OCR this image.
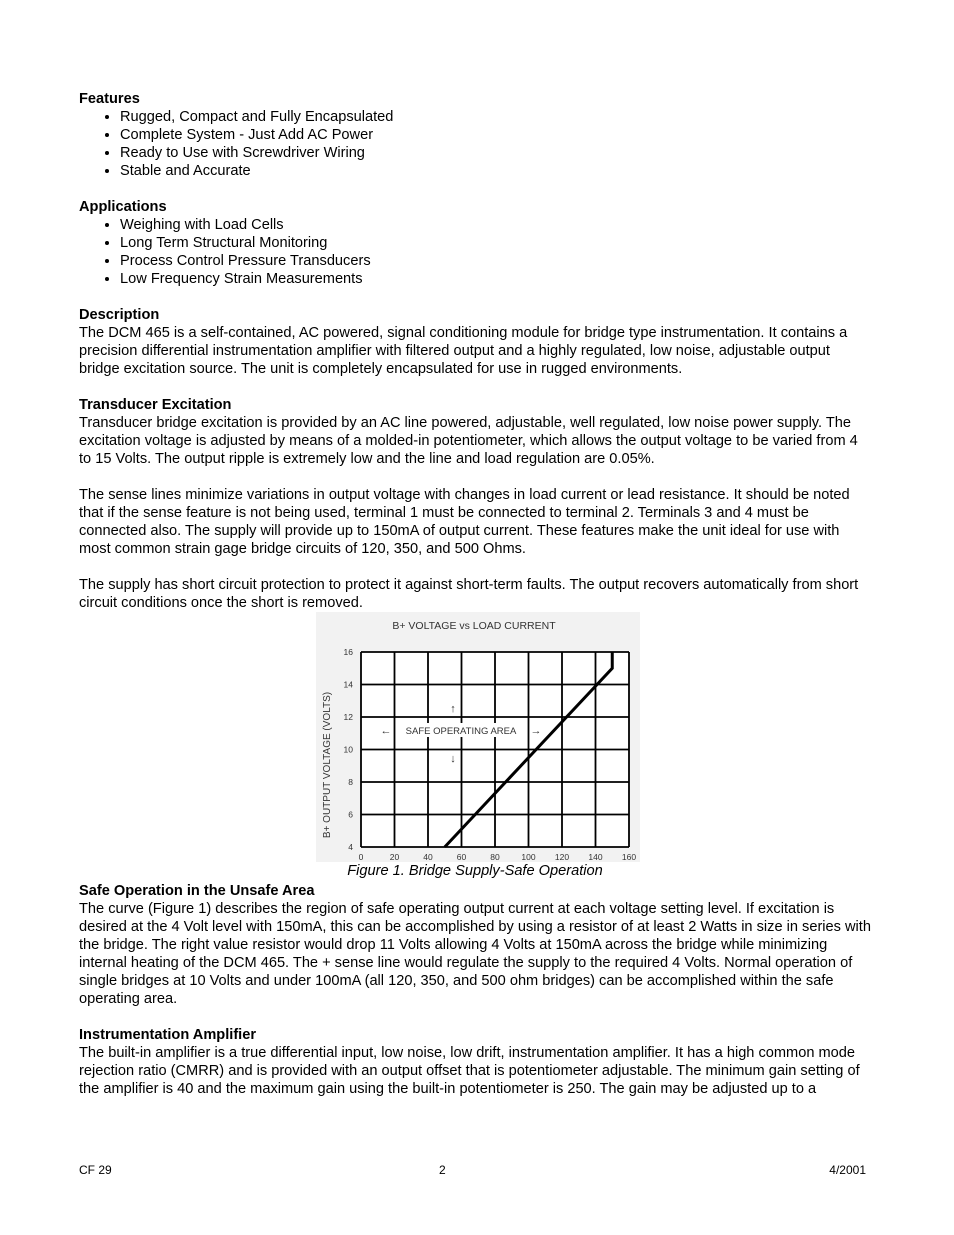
Features
• Rugged, Compact and Fully Encapsulated
• Complete System - Just Add AC Power
• Ready to Use with Screwdriver Wiring
• Stable and Accurate
Applications
• Weighing with Load Cells
• Long Term Structural Monitoring
• Process Control Pressure Transducers
• Low Frequency Strain Measurements
Description

The DCM 465 is a self-contained, AC powered, signal conditioning module for bridge type instrumentation. It contains a precision differential instrumentation amplifier with filtered output and a highly regulated, low noise, adjustable output bridge excitation source. The unit is completely encapsulated for use in rugged environments.

Transducer Excitation

Transducer bridge excitation is provided by an AC line powered, adjustable, well regulated, low noise power supply. The excitation voltage is adjusted by means of a molded-in potentiometer, which allows the output voltage to be varied from 4 to 15 Volts. The output ripple is extremely low and the line and load regulation are 0.05%.

The sense lines minimize variations in output voltage with changes in load current or lead resistance. It should be noted that if the sense feature is not being used, terminal 1 must be connected to terminal 2. Terminals 3 and 4 must be connected also. The supply will provide up to 150mA of output current. These features make the unit ideal for use with most common strain gage bridge circuits of 120, 350, and 500 Ohms.

The supply has short circuit protection to protect it against short-term faults. The output recovers automatically from short circuit conditions once the short is removed.

0	20	40	60	80	100 120 140 160
4
6
8
10
12
14
16
B+ VOLTAGE vs LOAD CURRENT
B+ OUTPUT VOLTAGE (VOLTS)	SAFE OPERATING AREA
←	→
↑
↓
Figure 1. Bridge Supply-Safe Operation
Safe Operation in the Unsafe Area

The curve (Figure 1) describes the region of safe operating output current at each voltage setting level. If excitation is desired at the 4 Volt level with 150mA, this can be accomplished by using a resistor of at least 2 Watts in size in series with the bridge. The right value resistor would drop 11 Volts allowing 4 Volts at 150mA across the bridge while minimizing internal heating of the DCM 465. The + sense line would regulate the supply to the required 4 Volts. Normal operation of single bridges at 10 Volts and under 100mA (all 120, 350, and 500 ohm bridges) can be accomplished within the safe operating area.

Instrumentation Amplifier

The built-in amplifier is a true differential input, low noise, low drift, instrumentation amplifier. It has a high common mode rejection ratio (CMRR) and is provided with an output offset that is potentiometer adjustable. The minimum gain setting of the amplifier is 40 and the maximum gain using the built-in potentiometer is 250. The gain may be adjusted up to a

CF 29	2	4/2001
